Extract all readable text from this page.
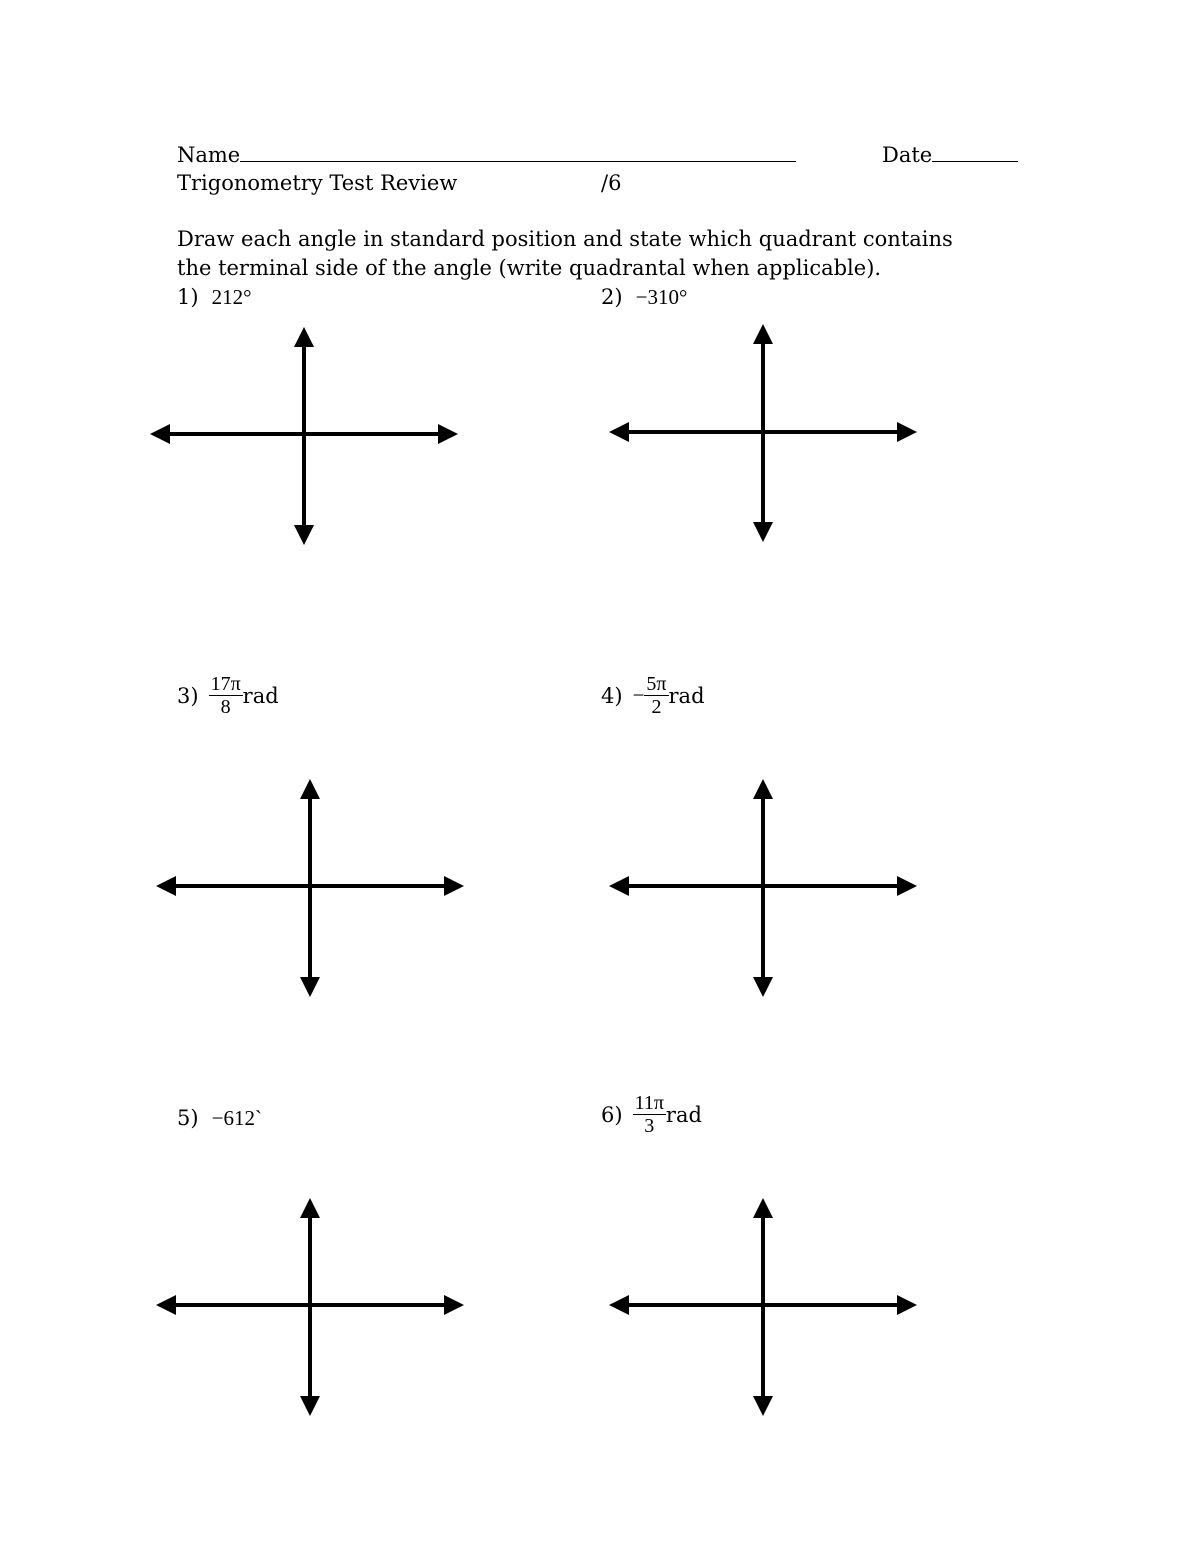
Name	Date
Trigonometry Test Review	/6
Draw each angle in standard position and state which quadrant contains the terminal side of the angle (write quadrantal when applicable).
1) 212°	2) −310°
$3) \frac{17\pi}{8}$ rad	$4) - \frac{5\pi}{2}$ rad
5) −612`	$6) \frac{11\pi}{3}$ rad
